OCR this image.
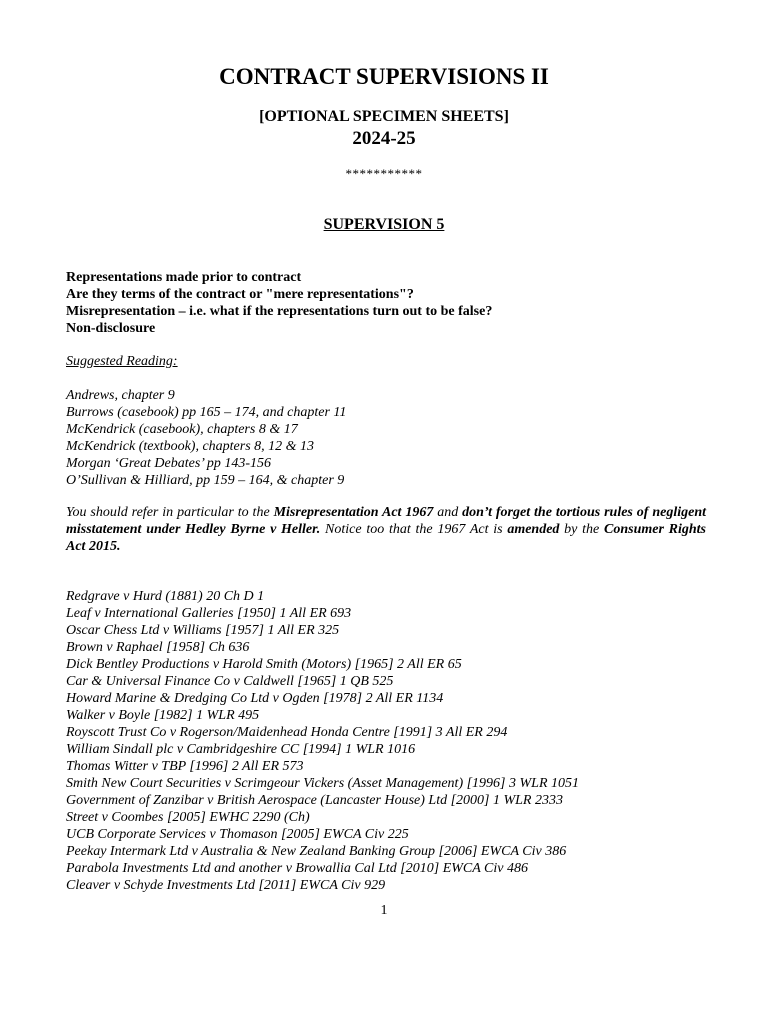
CONTRACT SUPERVISIONS II
[OPTIONAL SPECIMEN SHEETS]
2024-25
***********
SUPERVISION 5
Representations made prior to contract
Are they terms of the contract or "mere representations"?
Misrepresentation – i.e. what if the representations turn out to be false?
Non-disclosure
Suggested Reading:
Andrews, chapter 9
Burrows (casebook) pp 165 – 174, and chapter 11
McKendrick (casebook), chapters 8 & 17
McKendrick (textbook), chapters 8, 12 & 13
Morgan ‘Great Debates’ pp 143-156
O’Sullivan & Hilliard, pp 159 – 164, & chapter 9
You should refer in particular to the Misrepresentation Act 1967 and don’t forget the tortious rules of negligent misstatement under Hedley Byrne v Heller. Notice too that the 1967 Act is amended by the Consumer Rights Act 2015.
Redgrave v Hurd (1881) 20 Ch D 1
Leaf v International Galleries [1950] 1 All ER 693
Oscar Chess Ltd v Williams [1957] 1 All ER 325
Brown v Raphael [1958] Ch 636
Dick Bentley Productions v Harold Smith (Motors) [1965] 2 All ER 65
Car & Universal Finance Co v Caldwell [1965] 1 QB 525
Howard Marine & Dredging Co Ltd v Ogden [1978] 2 All ER 1134
Walker v Boyle [1982] 1 WLR 495
Royscott Trust Co v Rogerson/Maidenhead Honda Centre [1991] 3 All ER 294
William Sindall plc v Cambridgeshire CC [1994] 1 WLR 1016
Thomas Witter v TBP [1996] 2 All ER 573
Smith New Court Securities v Scrimgeour Vickers (Asset Management) [1996] 3 WLR 1051
Government of Zanzibar v British Aerospace (Lancaster House) Ltd [2000] 1 WLR 2333
Street v Coombes [2005] EWHC 2290 (Ch)
UCB Corporate Services v Thomason [2005] EWCA Civ 225
Peekay Intermark Ltd v Australia & New Zealand Banking Group [2006] EWCA Civ 386
Parabola Investments Ltd and another v Browallia Cal Ltd [2010] EWCA Civ 486
Cleaver v Schyde Investments Ltd [2011] EWCA Civ 929
1
